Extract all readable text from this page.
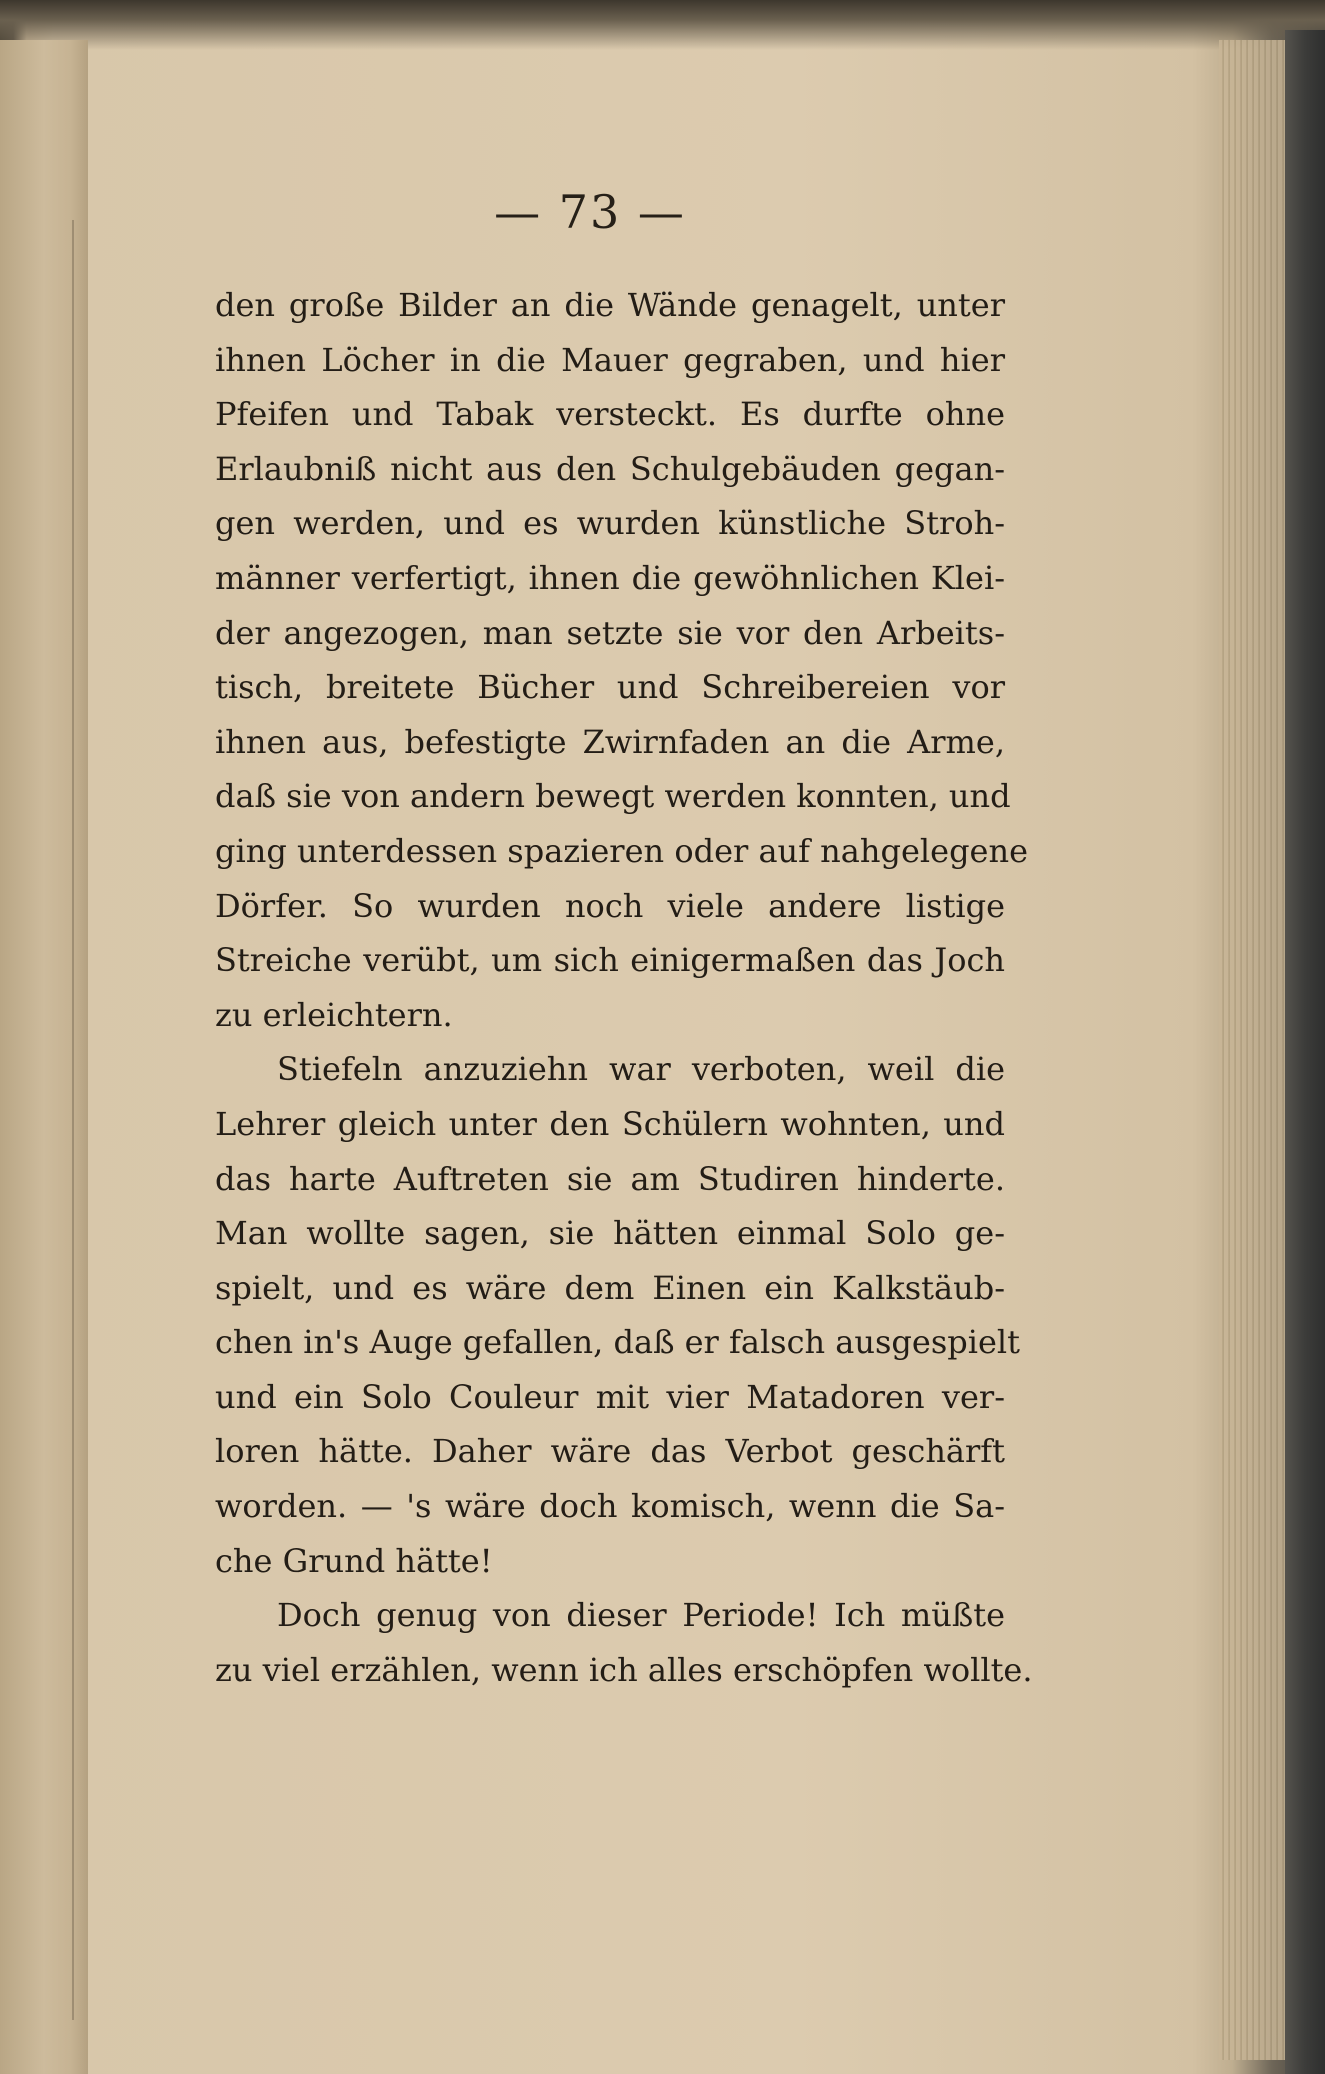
— 73 —
den große Bilder an die Wände genagelt, unter
ihnen Löcher in die Mauer gegraben, und hier
Pfeifen und Tabak versteckt. Es durfte ohne
Erlaubniß nicht aus den Schulgebäuden gegan-
gen werden, und es wurden künstliche Stroh-
männer verfertigt, ihnen die gewöhnlichen Klei-
der angezogen, man setzte sie vor den Arbeits-
tisch, breitete Bücher und Schreibereien vor
ihnen aus, befestigte Zwirnfaden an die Arme,
daß sie von andern bewegt werden konnten, und
ging unterdessen spazieren oder auf nahgelegene
Dörfer. So wurden noch viele andere listige
Streiche verübt, um sich einigermaßen das Joch
zu erleichtern.
Stiefeln anzuziehn war verboten, weil die
Lehrer gleich unter den Schülern wohnten, und
das harte Auftreten sie am Studiren hinderte.
Man wollte sagen, sie hätten einmal Solo ge-
spielt, und es wäre dem Einen ein Kalkstäub-
chen in's Auge gefallen, daß er falsch ausgespielt
und ein Solo Couleur mit vier Matadoren ver-
loren hätte. Daher wäre das Verbot geschärft
worden. — 's wäre doch komisch, wenn die Sa-
che Grund hätte!
Doch genug von dieser Periode! Ich müßte
zu viel erzählen, wenn ich alles erschöpfen wollte.
